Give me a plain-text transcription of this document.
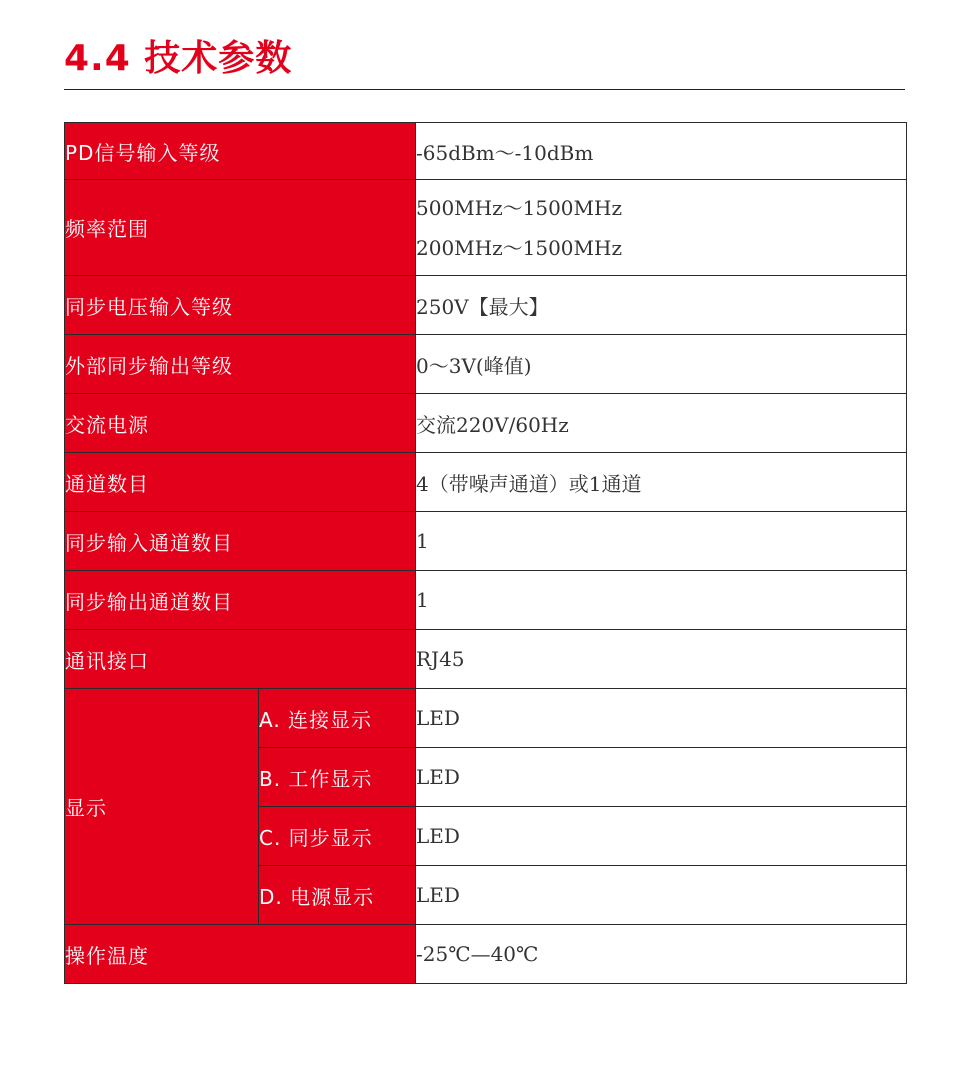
4.4 技术参数
PD信号输入等级		-65dBm～-10dBm
频率范围		500MHz～1500MHz
200MHz～1500MHz

同步电压输入等级		250V【最大】
外部同步输出等级		0～3V(峰值)
交流电源		交流220V/60Hz
通道数目		4（带噪声通道）或1通道
同步输入通道数目		1
同步输出通道数目		1
通讯接口		RJ45
显示	A. 连接显示	LED
	B. 工作显示	LED
	C. 同步显示	LED
	D. 电源显示	LED
操作温度		-25℃—40℃
